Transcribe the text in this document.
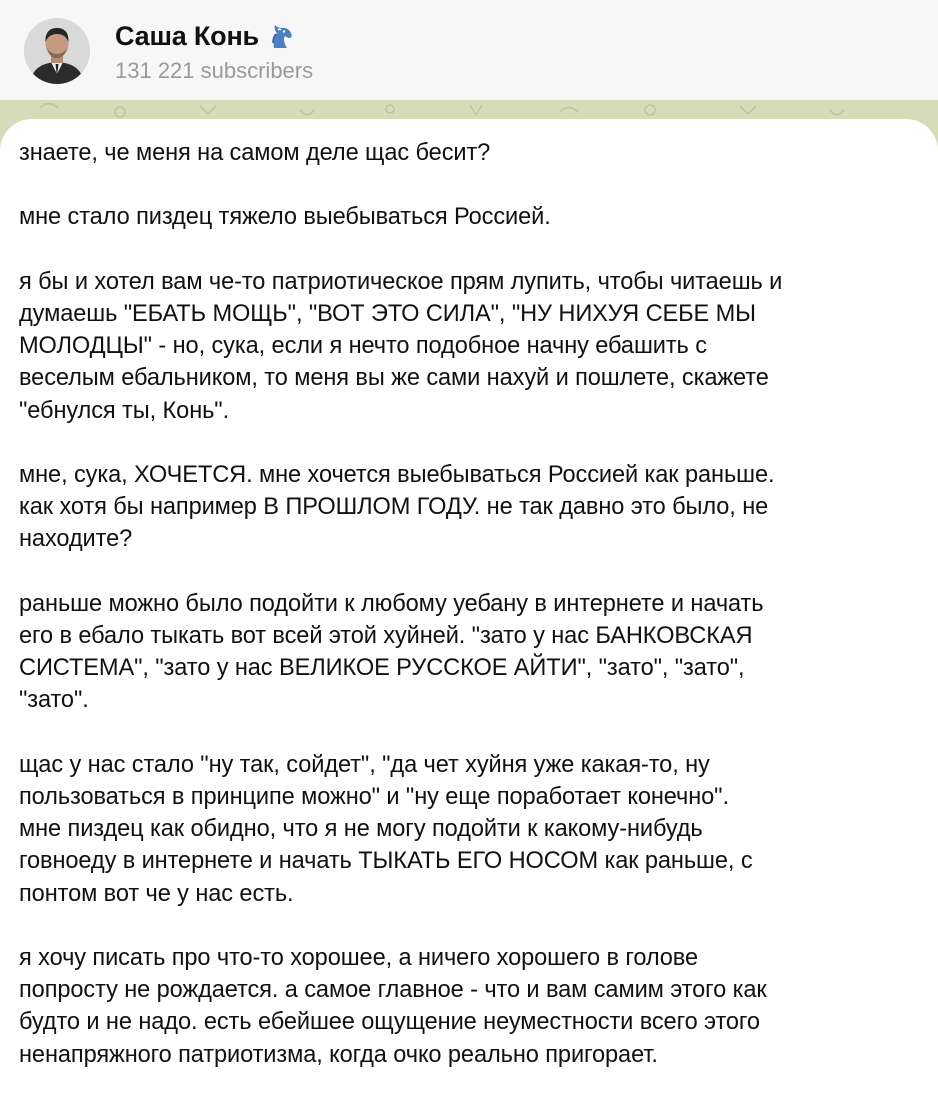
Саша Конь
131 221 subscribers

знаете, че меня на самом деле щас бесит?

мне стало пиздец тяжело выебываться Россией.

я бы и хотел вам че-то патриотическое прям лупить, чтобы читаешь и
думаешь "ЕБАТЬ МОЩЬ", "ВОТ ЭТО СИЛА", "НУ НИХУЯ СЕБЕ МЫ
МОЛОДЦЫ" - но, сука, если я нечто подобное начну ебашить с
веселым ебальником, то меня вы же сами нахуй и пошлете, скажете
"ебнулся ты, Конь".

мне, сука, ХОЧЕТСЯ. мне хочется выебываться Россией как раньше.
как хотя бы например В ПРОШЛОМ ГОДУ. не так давно это было, не
находите?

раньше можно было подойти к любому уебану в интернете и начать
его в ебало тыкать вот всей этой хуйней. "зато у нас БАНКОВСКАЯ
СИСТЕМА", "зато у нас ВЕЛИКОЕ РУССКОЕ АЙТИ", "зато", "зато",
"зато".

щас у нас стало "ну так, сойдет", "да чет хуйня уже какая-то, ну
пользоваться в принципе можно" и "ну еще поработает конечно".
мне пиздец как обидно, что я не могу подойти к какому-нибудь
говноеду в интернете и начать ТЫКАТЬ ЕГО НОСОМ как раньше, с
понтом вот че у нас есть.

я хочу писать про что-то хорошее, а ничего хорошего в голове
попросту не рождается. а самое главное - что и вам самим этого как
будто и не надо. есть ебейшее ощущение неуместности всего этого
ненапряжного патриотизма, когда очко реально пригорает.
